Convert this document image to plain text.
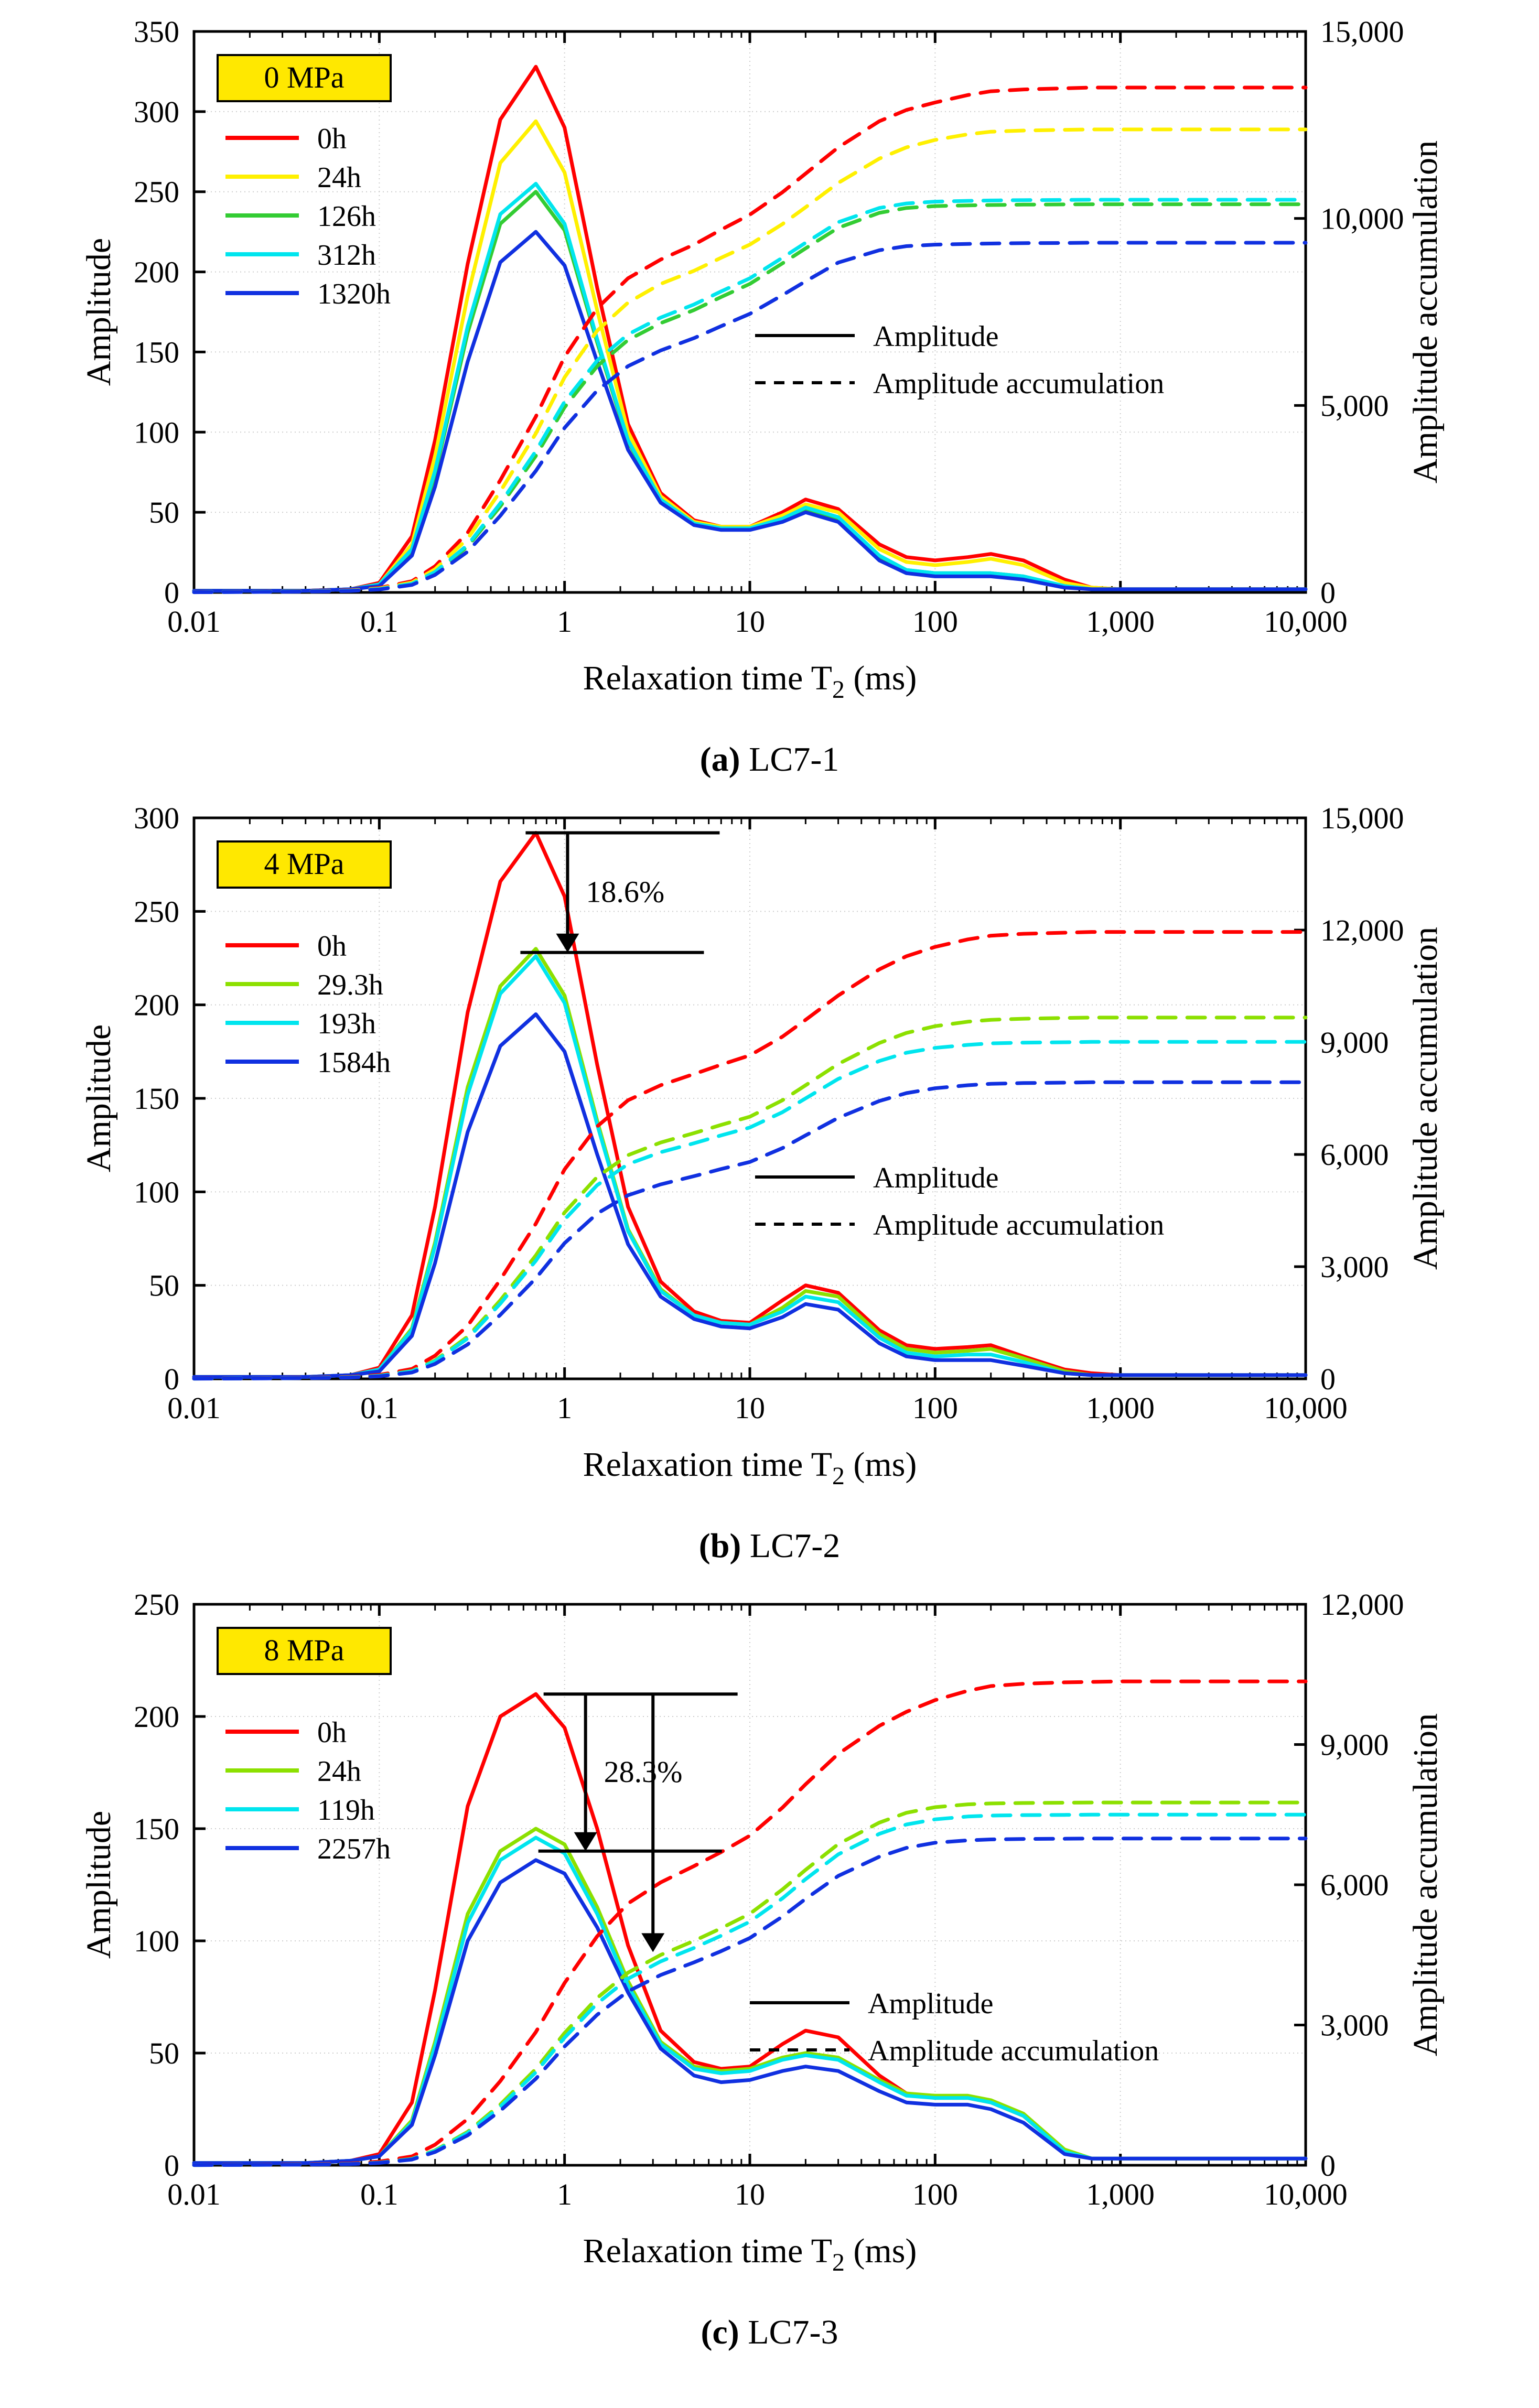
0.01	0.1	1	10	100	1,000	10,000
0
50
100
150
200
250
300
350
0
5,000
10,000
15,000
0 MPa
0h
24h
126h
312h
1320h
Amplitude
Amplitude accumulation
Relaxation time $T_2$ (ms)
Amplitude	Amplitude accumulation
(a) LC7-1
0.01	0.1	1	10	100	1,000	10,000
0
50
100
150
200
250
300
0
3,000
6,000
9,000
12,000
15,000
4 MPa
0h
29.3h
193h
1584h
Amplitude
Amplitude accumulation
18.6%
Relaxation time $T_2$ (ms)
Amplitude	Amplitude accumulation
(b) LC7-2
0.01	0.1	1	10	100	1,000	10,000
0
50
100
150
200
250
0
3,000
6,000
9,000
12,000
8 MPa
0h
24h
119h
2257h
Amplitude
Amplitude accumulation
28.3%
Relaxation time $T_2$ (ms)
Amplitude	Amplitude accumulation
(c) LC7-3
